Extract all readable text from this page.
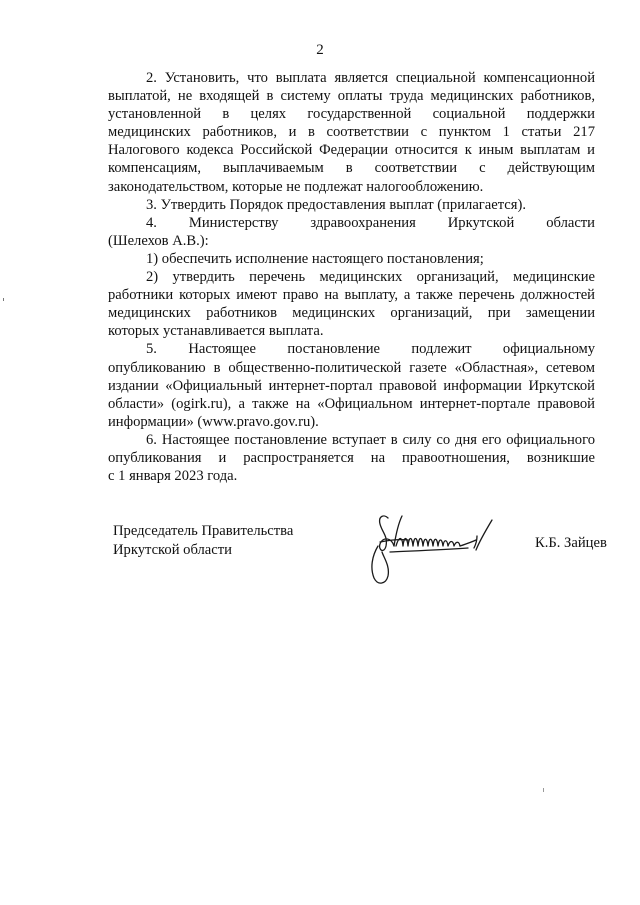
2

2. Установить, что выплата является специальной компенсационной

выплатой, не входящей в систему оплаты труда медицинских работников,

установленной в целях государственной социальной поддержки

медицинских работников, и в соответствии с пунктом 1 статьи 217

Налогового кодекса Российской Федерации относится к иным выплатам и

компенсациям, выплачиваемым в соответствии с действующим

законодательством, которые не подлежат налогообложению.

3. Утвердить Порядок предоставления выплат (прилагается).

4. Министерству здравоохранения Иркутской области

(Шелехов А.В.):

1) обеспечить исполнение настоящего постановления;

2) утвердить перечень медицинских организаций, медицинские

работники которых имеют право на выплату, а также перечень должностей

медицинских работников медицинских организаций, при замещении

которых устанавливается выплата.

5. Настоящее постановление подлежит официальному

опубликованию в общественно-политической газете «Областная», сетевом

издании «Официальный интернет-портал правовой информации Иркутской

области» (ogirk.ru), а также на «Официальном интернет-портале правовой

информации» (www.pravo.gov.ru).

6. Настоящее постановление вступает в силу со дня его официального

опубликования и распространяется на правоотношения, возникшие

с 1 января 2023 года.

Председатель Правительства
Иркутской области	К.Б. Зайцев
